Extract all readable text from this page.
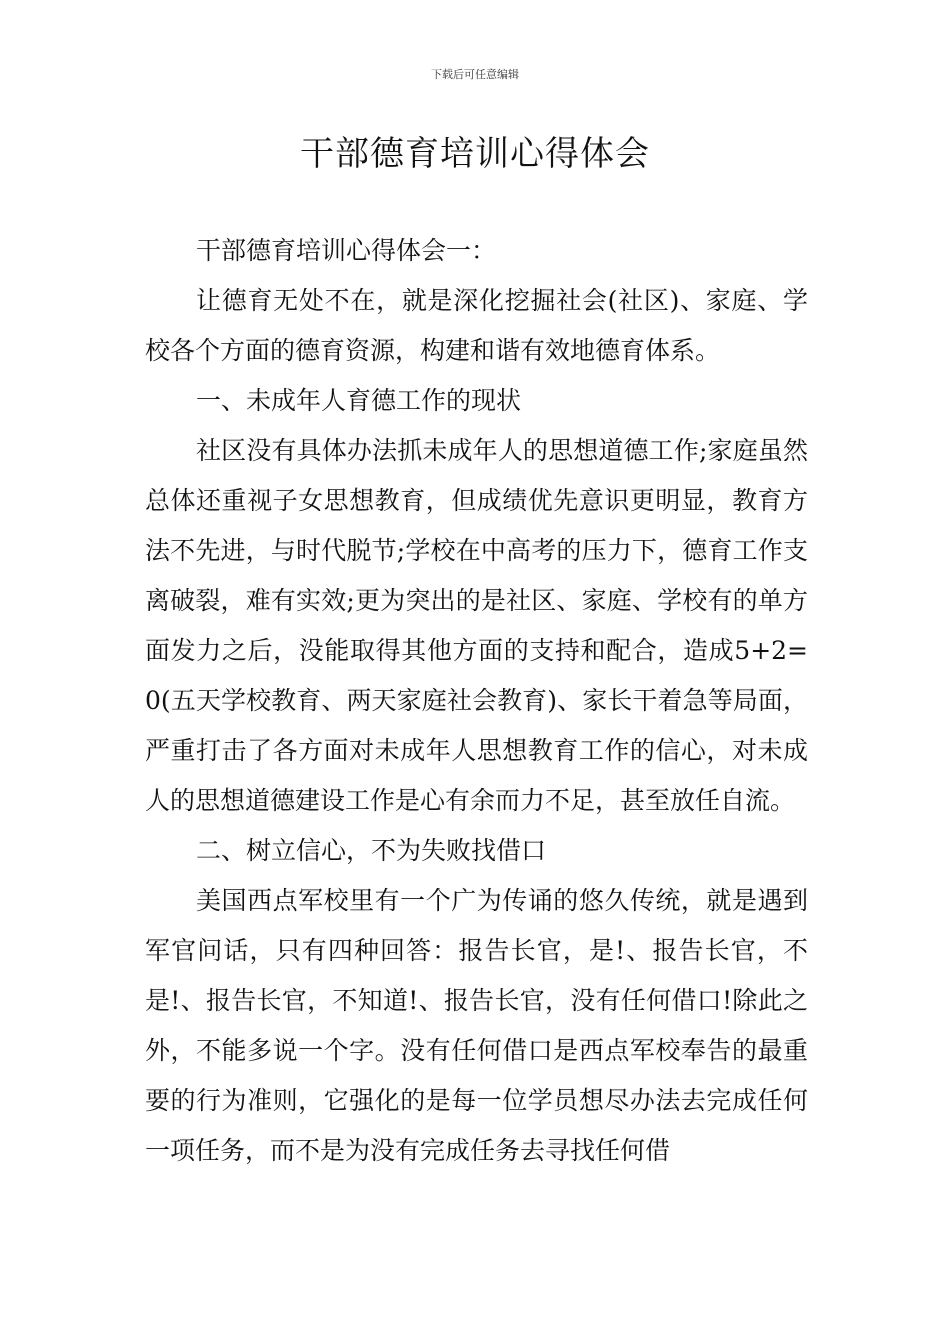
下载后可任意编辑
干部德育培训心得体会

干部德育培训心得体会一：

让德育无处不在，就是深化挖掘社会(社区)、家庭、学校各个方面的德育资源，构建和谐有效地德育体系。

一、未成年人育德工作的现状

社区没有具体办法抓未成年人的思想道德工作;家庭虽然总体还重视子女思想教育，但成绩优先意识更明显，教育方法不先进，与时代脱节;学校在中高考的压力下，德育工作支离破裂，难有实效;更为突出的是社区、家庭、学校有的单方面发力之后，没能取得其他方面的支持和配合，造成5+2=0(五天学校教育、两天家庭社会教育)、家长干着急等局面，严重打击了各方面对未成年人思想教育工作的信心，对未成人的思想道德建设工作是心有余而力不足，甚至放任自流。

二、树立信心，不为失败找借口

美国西点军校里有一个广为传诵的悠久传统，就是遇到军官问话，只有四种回答：报告长官，是!、报告长官，不是!、报告长官，不知道!、报告长官，没有任何借口!除此之外，不能多说一个字。没有任何借口是西点军校奉告的最重要的行为准则，它强化的是每一位学员想尽办法去完成任何一项任务，而不是为没有完成任务去寻找任何借
